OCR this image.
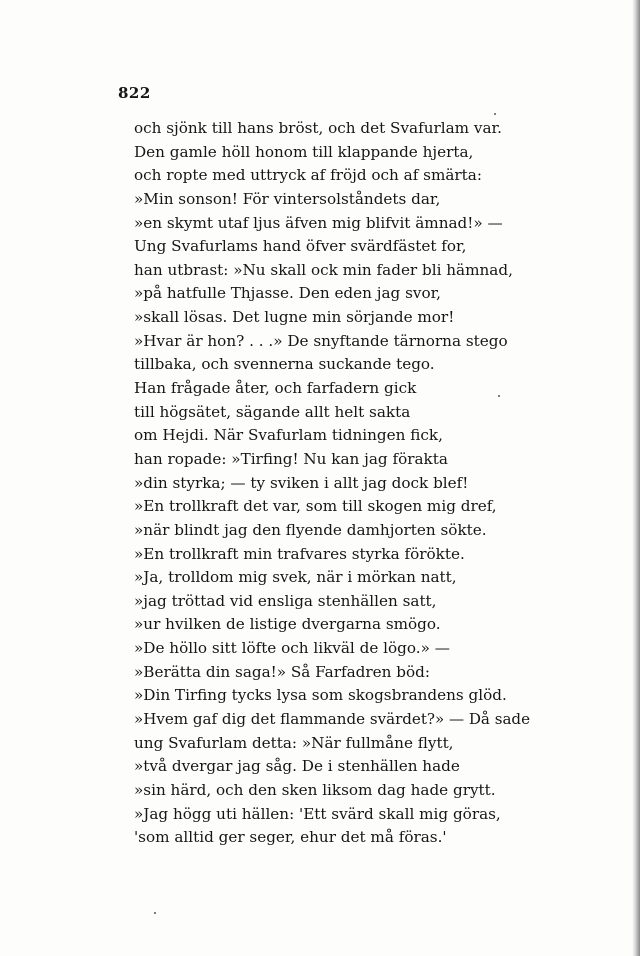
822
och sjönk till hans bröst, och det Svafurlam var.
Den gamle höll honom till klappande hjerta,
och ropte med uttryck af fröjd och af smärta:
»Min sonson! För vintersolståndets dar,
»en skymt utaf ljus äfven mig blifvit ämnad!» —
Ung Svafurlams hand öfver svärdfästet for,
han utbrast: »Nu skall ock min fader bli hämnad,
»på hatfulle Thjasse. Den eden jag svor,
»skall lösas. Det lugne min sörjande mor!
»Hvar är hon? . . .» De snyftande tärnorna stego
tillbaka, och svennerna suckande tego.
Han frågade åter, och farfadern gick
till högsätet, sägande allt helt sakta
om Hejdi. När Svafurlam tidningen fick,
han ropade: »Tirfing! Nu kan jag förakta
»din styrka; — ty sviken i allt jag dock blef!
»En trollkraft det var, som till skogen mig dref,
»när blindt jag den flyende damhjorten sökte.
»En trollkraft min trafvares styrka förökte.
»Ja, trolldom mig svek, när i mörkan natt,
»jag tröttad vid ensliga stenhällen satt,
»ur hvilken de listige dvergarna smögo.
»De höllo sitt löfte och likväl de lögo.» —
»Berätta din saga!» Så Farfadren böd:
»Din Tirfing tycks lysa som skogsbrandens glöd.
»Hvem gaf dig det flammande svärdet?» — Då sade
ung Svafurlam detta: »När fullmåne flytt,
»två dvergar jag såg. De i stenhällen hade
»sin härd, och den sken liksom dag hade grytt.
»Jag högg uti hällen: 'Ett svärd skall mig göras,
'som alltid ger seger, ehur det må föras.'
